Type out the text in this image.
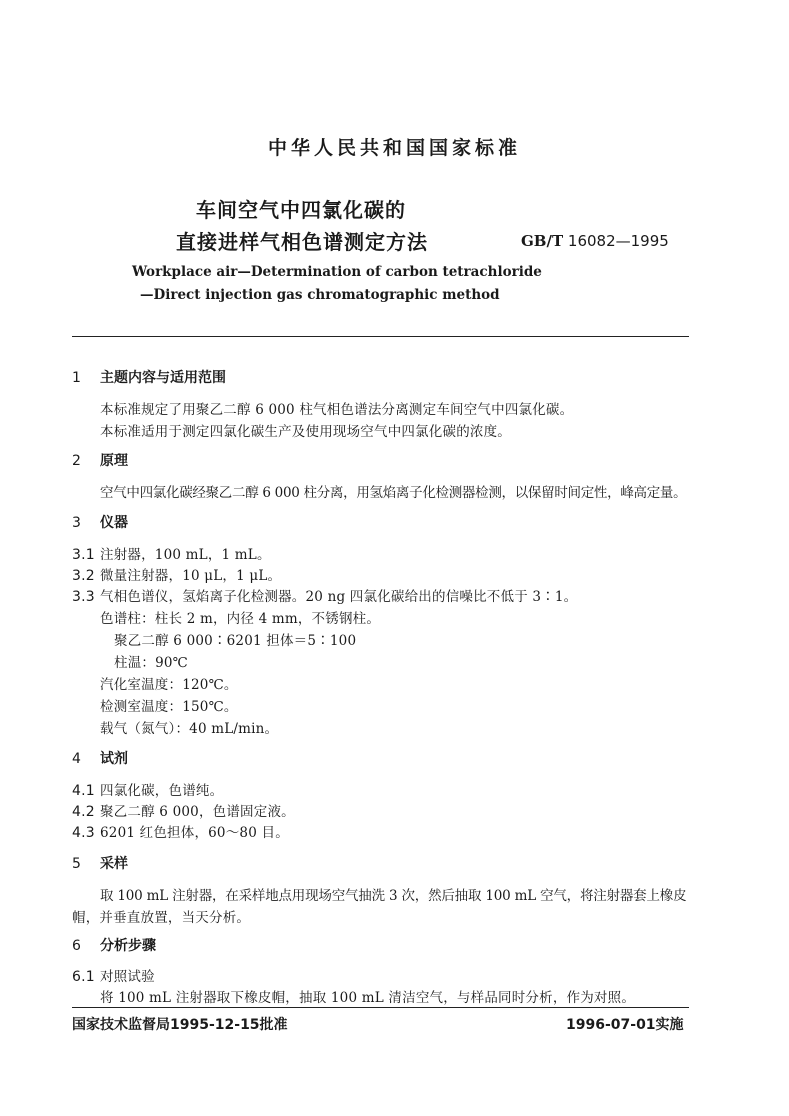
中华人民共和国国家标准
车间空气中四氯化碳的
直接进样气相色谱测定方法	GB/T 16082—1995
Workplace air—Determination of carbon tetrachloride
—Direct injection gas chromatographic method
1 主题内容与适用范围
本标准规定了用聚乙二醇 6 000 柱气相色谱法分离测定车间空气中四氯化碳。
本标准适用于测定四氯化碳生产及使用现场空气中四氯化碳的浓度。
2 原理
空气中四氯化碳经聚乙二醇 6 000 柱分离，用氢焰离子化检测器检测，以保留时间定性，峰高定量。
3 仪器
3.1 注射器，100 mL，1 mL。
3.2 微量注射器，10 μL，1 μL。
3.3 气相色谱仪，氢焰离子化检测器。20 ng 四氯化碳给出的信噪比不低于 3∶1。
色谱柱：柱长 2 m，内径 4 mm，不锈钢柱。
聚乙二醇 6 000∶6201 担体＝5∶100
柱温：90℃
汽化室温度：120℃。
检测室温度：150℃。
载气（氮气）：40 mL/min。
4 试剂
4.1 四氯化碳，色谱纯。
4.2 聚乙二醇 6 000，色谱固定液。
4.3 6201 红色担体，60～80 目。
5 采样
取 100 mL 注射器，在采样地点用现场空气抽洗 3 次，然后抽取 100 mL 空气，将注射器套上橡皮
帽，并垂直放置，当天分析。
6 分析步骤
6.1 对照试验
将 100 mL 注射器取下橡皮帽，抽取 100 mL 清洁空气，与样品同时分析，作为对照。
国家技术监督局1995-12-15批准	1996-07-01实施
